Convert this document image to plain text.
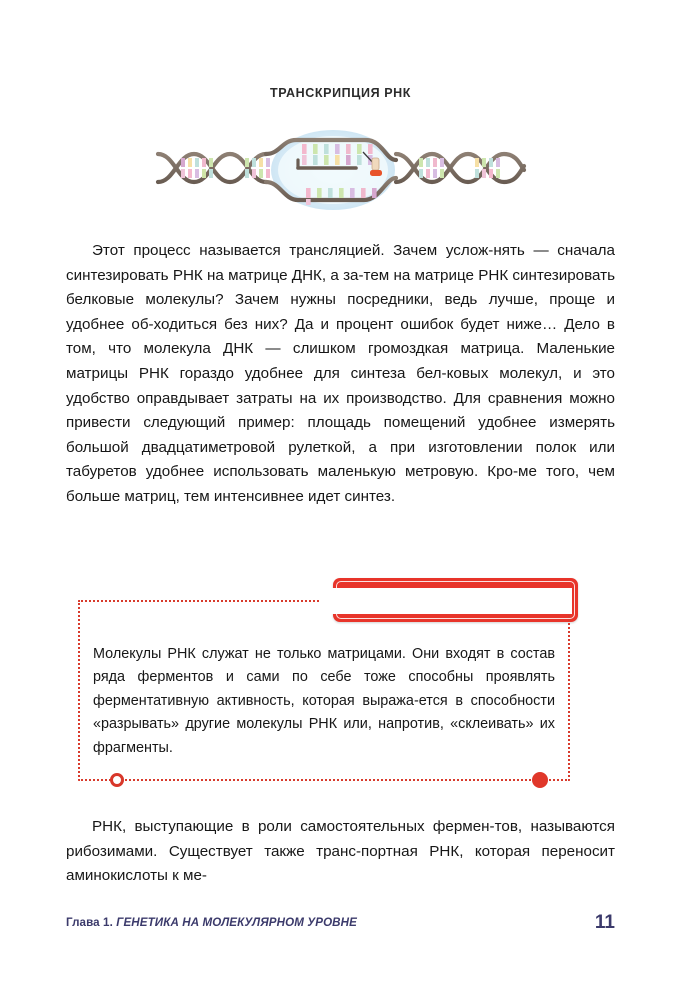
ТРАНСКРИПЦИЯ РНК
Этот процесс называется трансляцией. Зачем услож-нять — сначала синтезировать РНК на матрице ДНК, а за-тем на матрице РНК синтезировать белковые молекулы? Зачем нужны посредники, ведь лучше, проще и удобнее об-ходиться без них? Да и процент ошибок будет ниже… Дело в том, что молекула ДНК — слишком громоздкая матрица. Маленькие матрицы РНК гораздо удобнее для синтеза бел-ковых молекул, и это удобство оправдывает затраты на их производство. Для сравнения можно привести следующий пример: площадь помещений удобнее измерять большой двадцатиметровой рулеткой, а при изготовлении полок или табуретов удобнее использовать маленькую метровую. Кро-ме того, чем больше матриц, тем интенсивнее идет синтез.
Молекулы РНК служат не только матрицами. Они входят в состав ряда ферментов и сами по себе тоже способны проявлять ферментативную активность, которая выража-ется в способности «разрывать» другие молекулы РНК или, напротив, «склеивать» их фрагменты.
РНК, выступающие в роли самостоятельных фермен-тов, называются рибозимами. Существует также транс-портная РНК, которая переносит аминокислоты к ме-
Глава 1. ГЕНЕТИКА НА МОЛЕКУЛЯРНОМ УРОВНЕ	11
